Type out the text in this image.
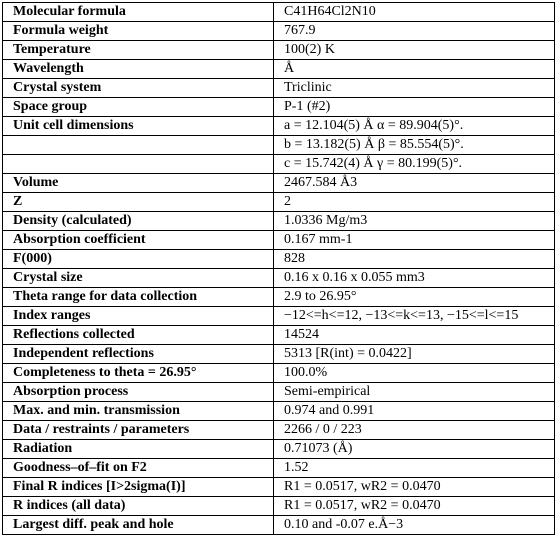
Molecular formula	C41H64Cl2N10
Formula weight	767.9
Temperature	100(2) K
Wavelength	Å
Crystal system	Triclinic
Space group	P-1 (#2)
Unit cell dimensions	a = 12.104(5) Å α = 89.904(5)°.
	b = 13.182(5) Å β = 85.554(5)°.
	c = 15.742(4) Å γ = 80.199(5)°.
Volume	2467.584 Å3
Z	2
Density (calculated)	1.0336 Mg/m3
Absorption coefficient	0.167 mm-1
F(000)	828
Crystal size	0.16 x 0.16 x 0.055 mm3
Theta range for data collection	2.9 to 26.95°
Index ranges	−12<=h<=12, −13<=k<=13, −15<=l<=15
Reflections collected	14524
Independent reflections	5313 [R(int) = 0.0422]
Completeness to theta = 26.95°	100.0%
Absorption process	Semi-empirical
Max. and min. transmission	0.974 and 0.991
Data / restraints / parameters	2266 / 0 / 223
Radiation	0.71073 (Å)
Goodness–of–fit on F2	1.52
Final R indices [I>2sigma(I)]	R1 = 0.0517, wR2 = 0.0470
R indices (all data)	R1 = 0.0517, wR2 = 0.0470
Largest diff. peak and hole	0.10 and -0.07 e.Å−3
